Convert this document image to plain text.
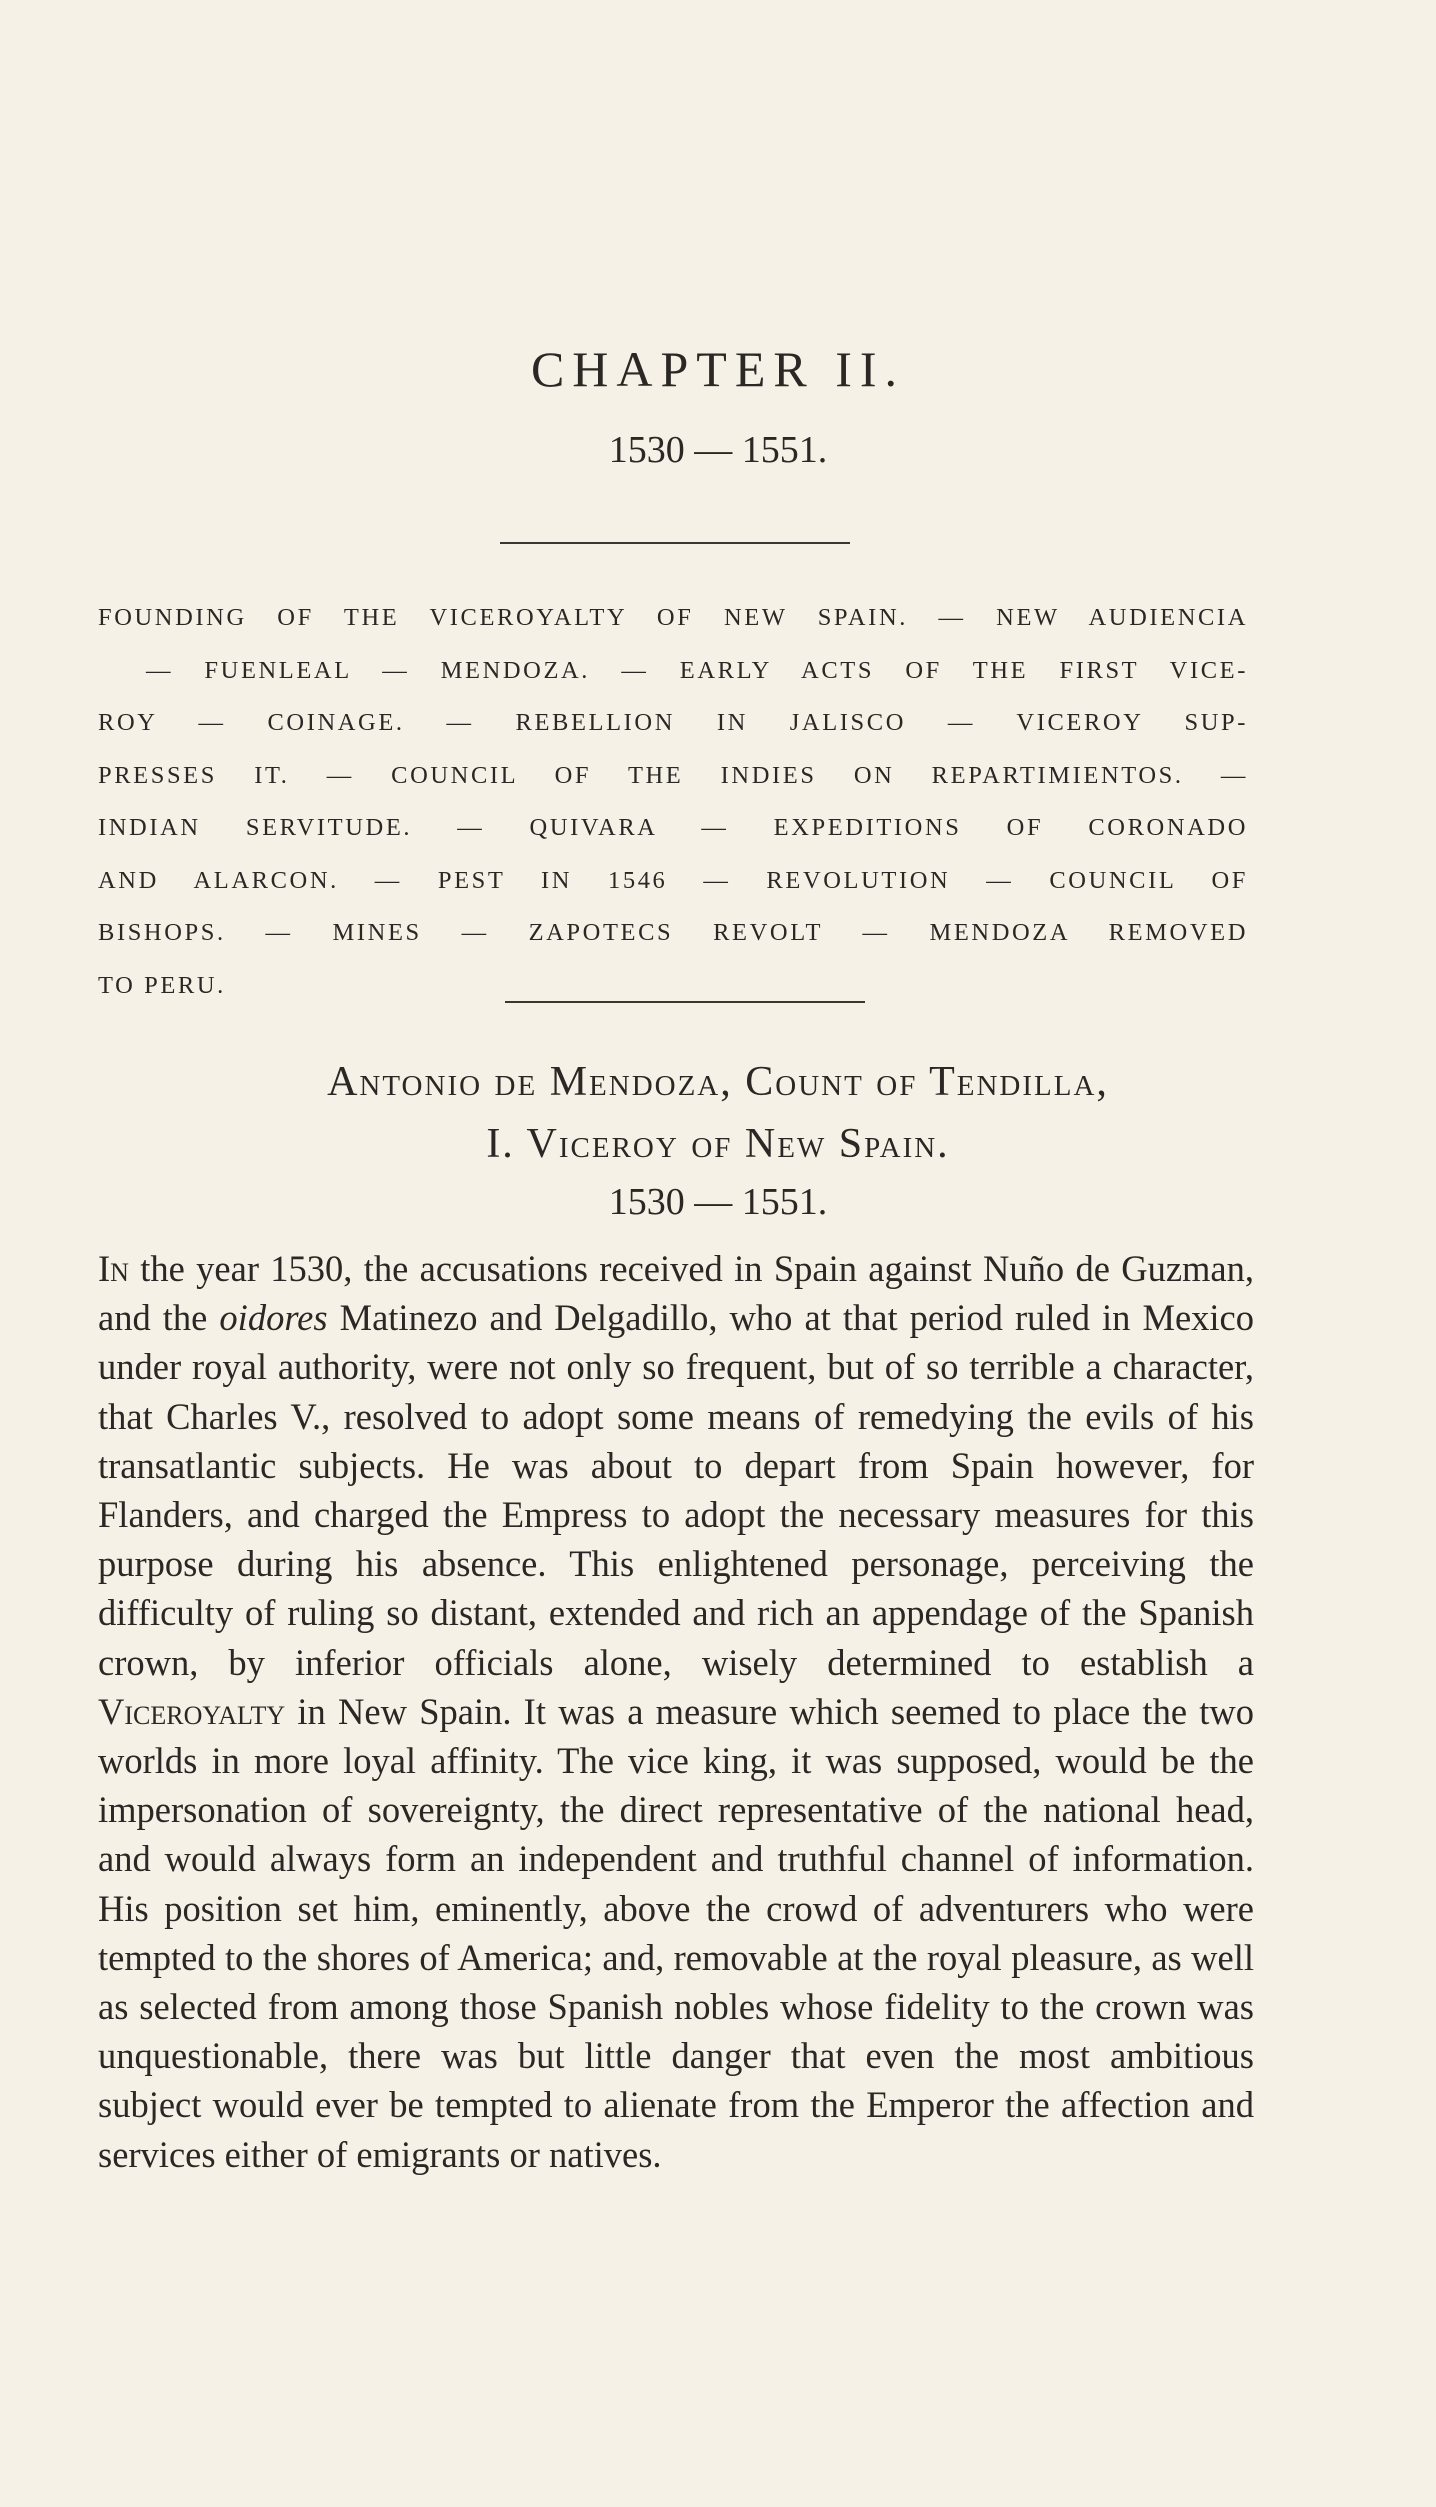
CHAPTER II.
1530 — 1551.
FOUNDING OF THE VICEROYALTY OF NEW SPAIN. — NEW AUDIENCIA
— FUENLEAL — MENDOZA. — EARLY ACTS OF THE FIRST VICE-
ROY — COINAGE. — REBELLION IN JALISCO — VICEROY SUP-
PRESSES IT. — COUNCIL OF THE INDIES ON REPARTIMIENTOS. —
INDIAN SERVITUDE. — QUIVARA — EXPEDITIONS OF CORONADO
AND ALARCON. — PEST IN 1546 — REVOLUTION — COUNCIL OF
BISHOPS. — MINES — ZAPOTECS REVOLT — MENDOZA REMOVED
TO PERU.
Antonio de Mendoza, Count of Tendilla,
I. Viceroy of New Spain.
1530 — 1551.
In the year 1530, the accusations received in Spain against Nuño de Guzman, and the oidores Matinezo and Delgadillo, who at that period ruled in Mexico under royal authority, were not only so frequent, but of so terrible a character, that Charles V., resolved to adopt some means of remedying the evils of his transatlantic subjects. He was about to depart from Spain however, for Flanders, and charged the Empress to adopt the necessary measures for this purpose during his absence. This enlightened personage, perceiving the difficulty of ruling so distant, extended and rich an appendage of the Spanish crown, by inferior officials alone, wisely determined to establish a Viceroyalty in New Spain. It was a measure which seemed to place the two worlds in more loyal affinity. The vice king, it was supposed, would be the impersonation of sovereignty, the direct representative of the national head, and would always form an independent and truthful channel of information. His position set him, eminently, above the crowd of adventurers who were tempted to the shores of America; and, removable at the royal pleasure, as well as selected from among those Spanish nobles whose fidelity to the crown was unquestionable, there was but little danger that even the most ambitious subject would ever be tempted to alienate from the Emperor the affection and services either of emigrants or natives.
